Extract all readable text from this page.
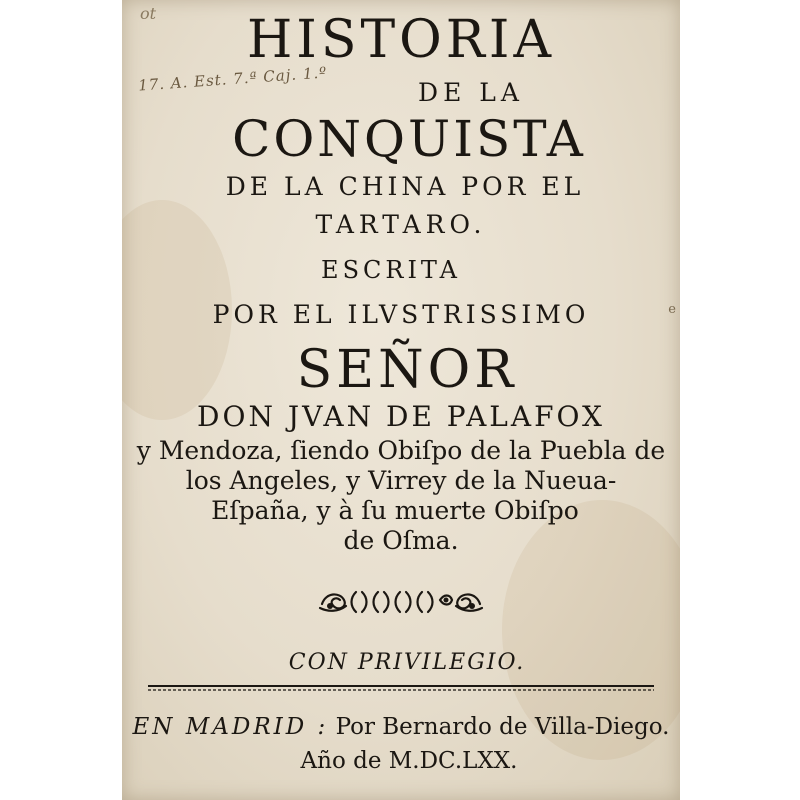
ot
17. A. Est. 7.ª Caj. 1.º
e
HISTORIA
DE LA
CONQUISTA
DE LA CHINA POR EL
TARTARO.
ESCRITA
POR EL ILVSTRISSIMO
SEÑOR
DON JVAN DE PALAFOX
y Mendoza, ſiendo Obiſpo de la Puebla de
los Angeles, y Virrey de la Nueua-
Eſpaña, y à ſu muerte Obiſpo
de Oſma.
CON PRIVILEGIO.
EN MADRID : Por Bernardo de Villa-Diego.
Año de M.DC.LXX.
